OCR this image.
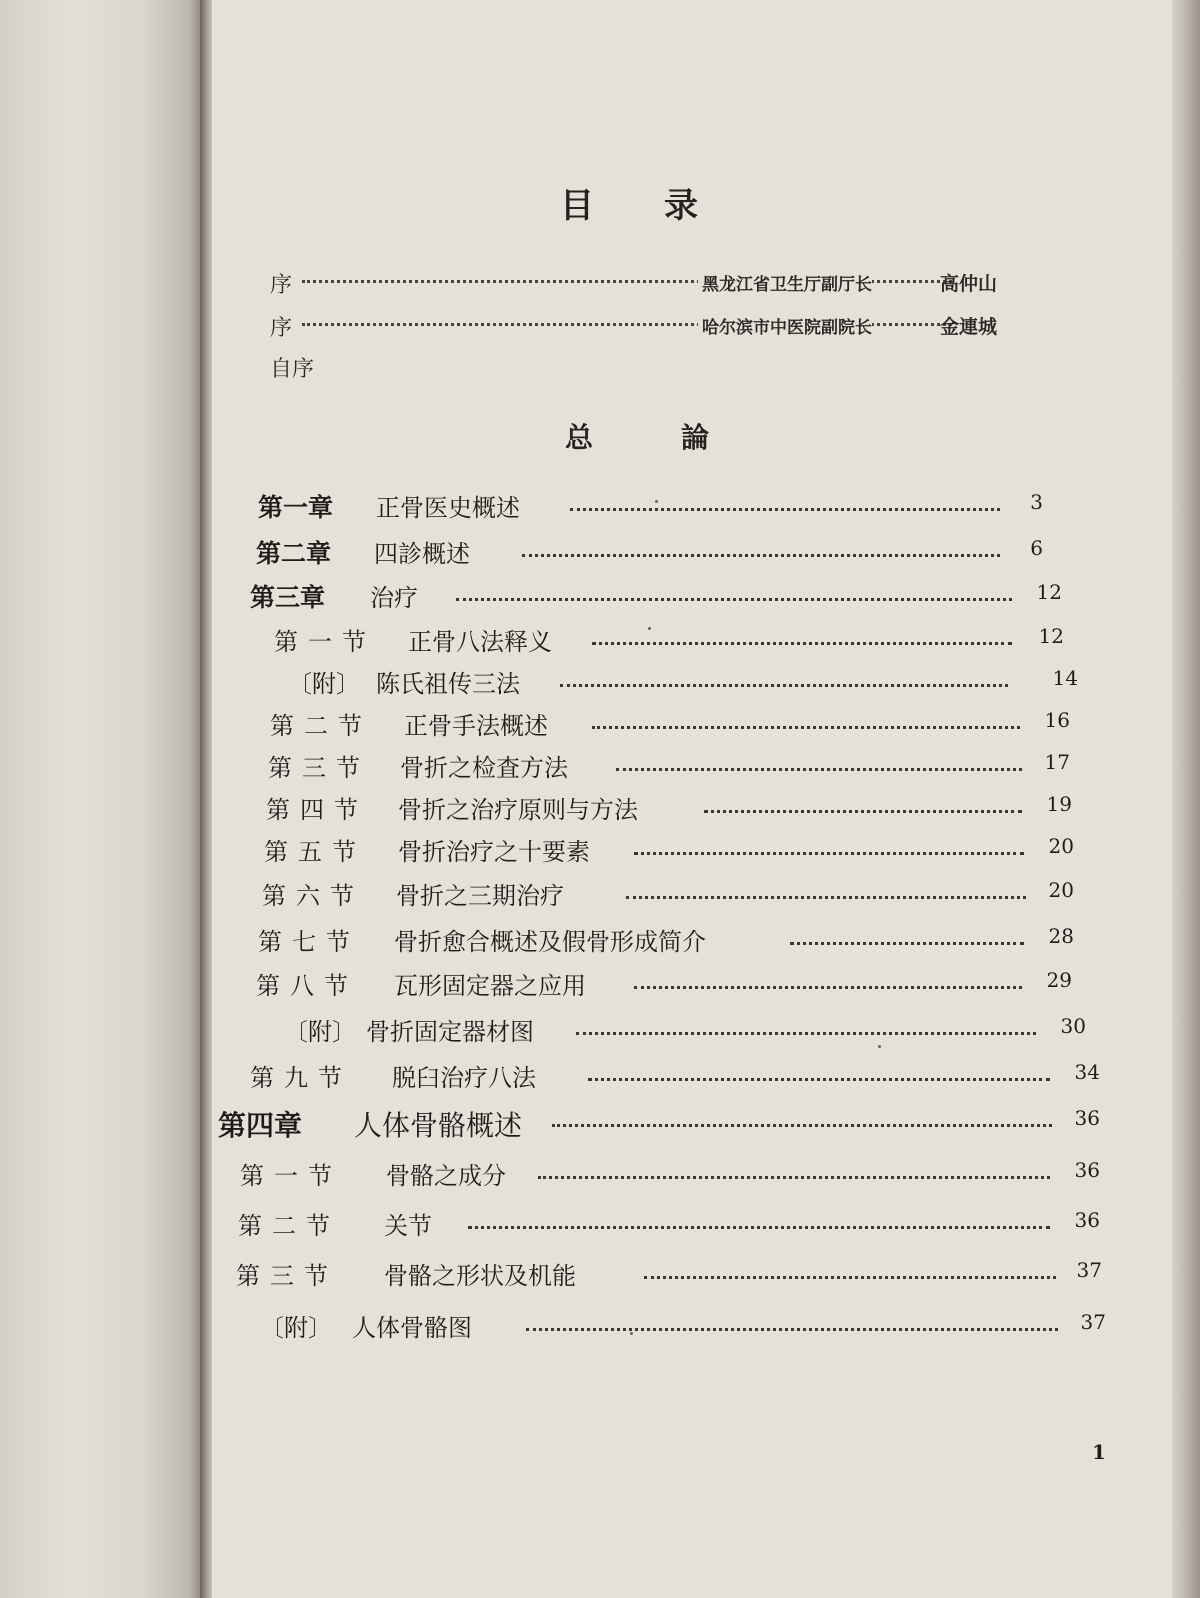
目录
序	黑龙江省卫生厅副厅长	高仲山
序	哈尔滨市中医院副院长	金連城
自序
总論
第一章 正骨医史概述	3
第二章 四診概述	6
第三章 治疗	12
第一节 正骨八法释义	12
〔附〕 陈氏祖传三法	14
第二节 正骨手法概述	16
第三节 骨折之检査方法	17
第四节 骨折之治疗原则与方法	19
第五节 骨折治疗之十要素	20
第六节 骨折之三期治疗	20
第七节 骨折愈合概述及假骨形成简介	28
第八节 瓦形固定器之应用	29
〔附〕 骨折固定器材图	30
第九节 脱臼治疗八法	34
第四章 人体骨骼概述	36
第一节 骨骼之成分	36
第二节 关节	36
第三节 骨骼之形状及机能	37
〔附〕 人体骨骼图	37
1
